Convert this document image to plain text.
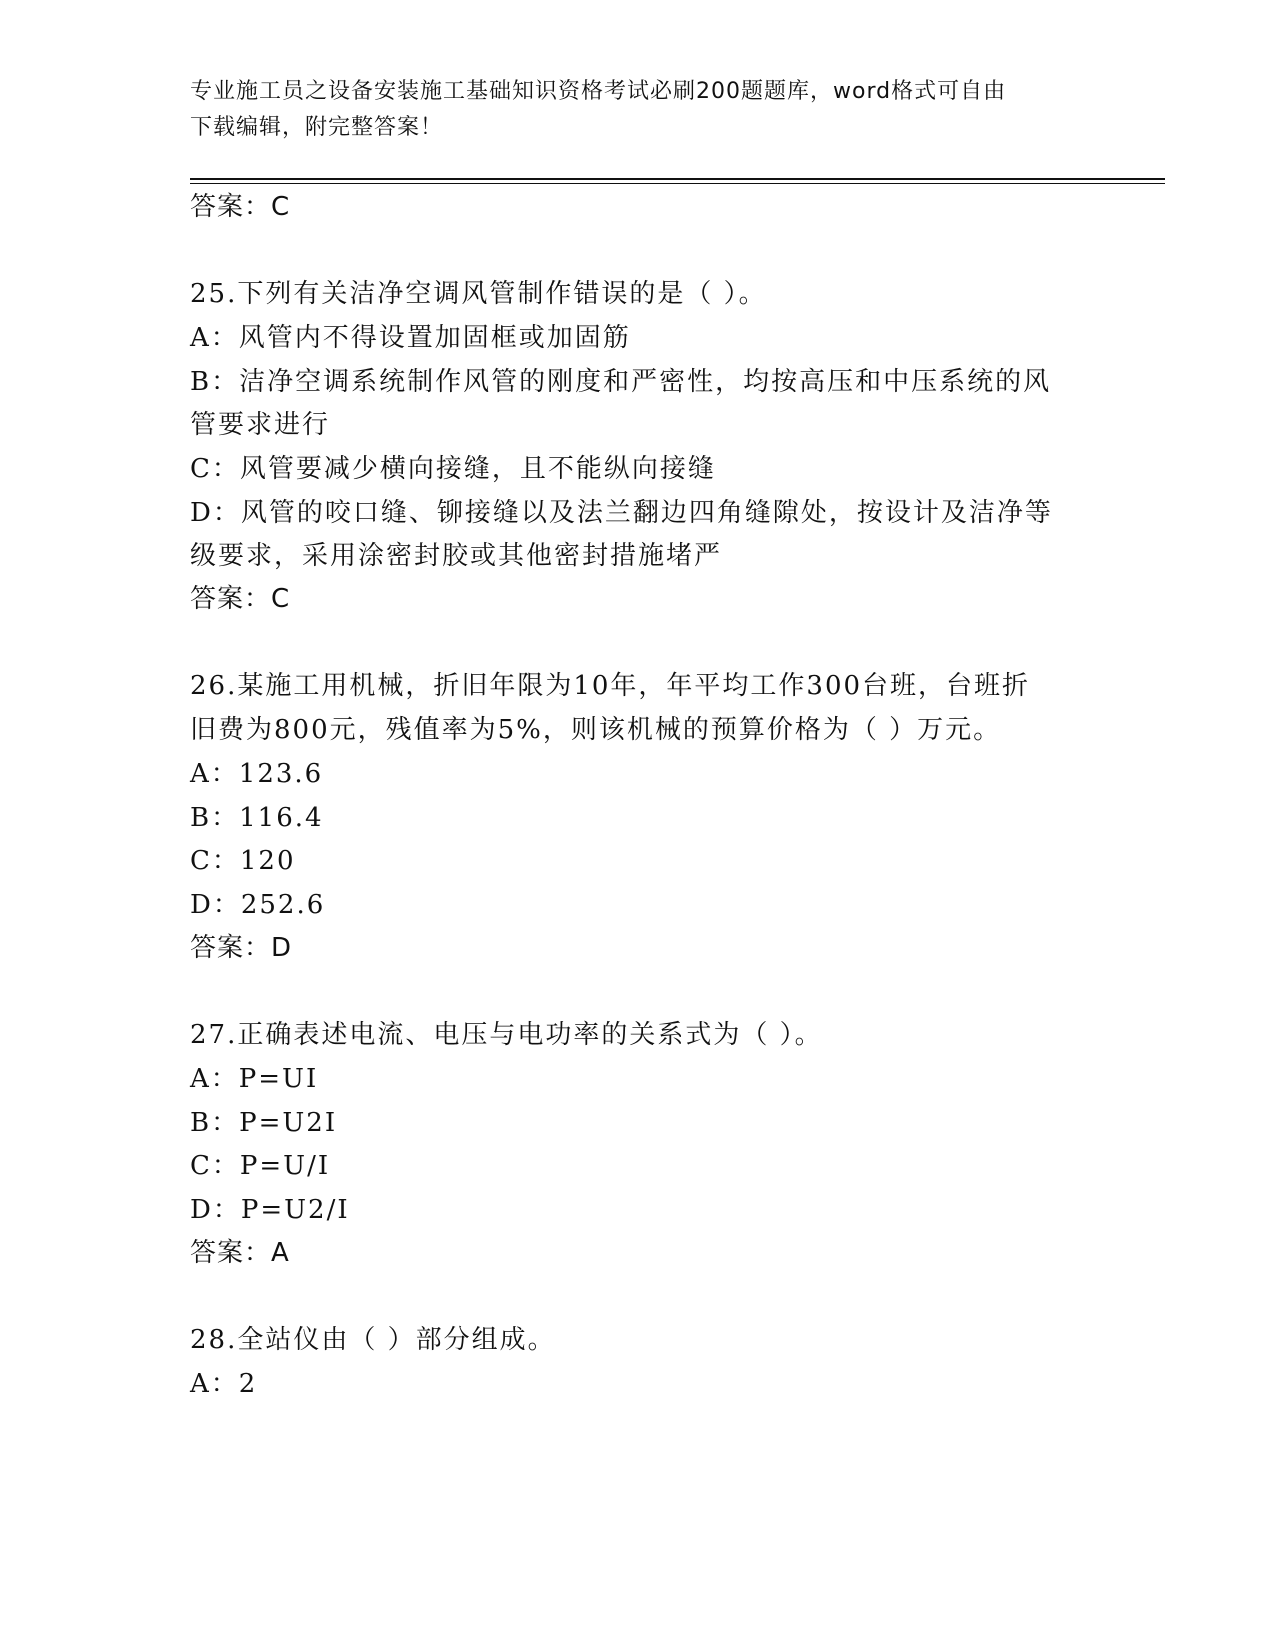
专业施工员之设备安装施工基础知识资格考试必刷200题题库，word格式可自由
下载编辑，附完整答案！
答案：C
25.下列有关洁净空调风管制作错误的是（ ）。
A：风管内不得设置加固框或加固筋
B：洁净空调系统制作风管的刚度和严密性，均按高压和中压系统的风
管要求进行
C：风管要减少横向接缝，且不能纵向接缝
D：风管的咬口缝、铆接缝以及法兰翻边四角缝隙处，按设计及洁净等
级要求，采用涂密封胶或其他密封措施堵严
答案：C
26.某施工用机械，折旧年限为10年，年平均工作300台班，台班折
旧费为800元，残值率为5%，则该机械的预算价格为（ ）万元。
A：123.6
B：116.4
C：120
D：252.6
答案：D
27.正确表述电流、电压与电功率的关系式为（ ）。
A：P=UI
B：P=U2I
C：P=U/I
D：P=U2/I
答案：A
28.全站仪由（ ）部分组成。
A：2
